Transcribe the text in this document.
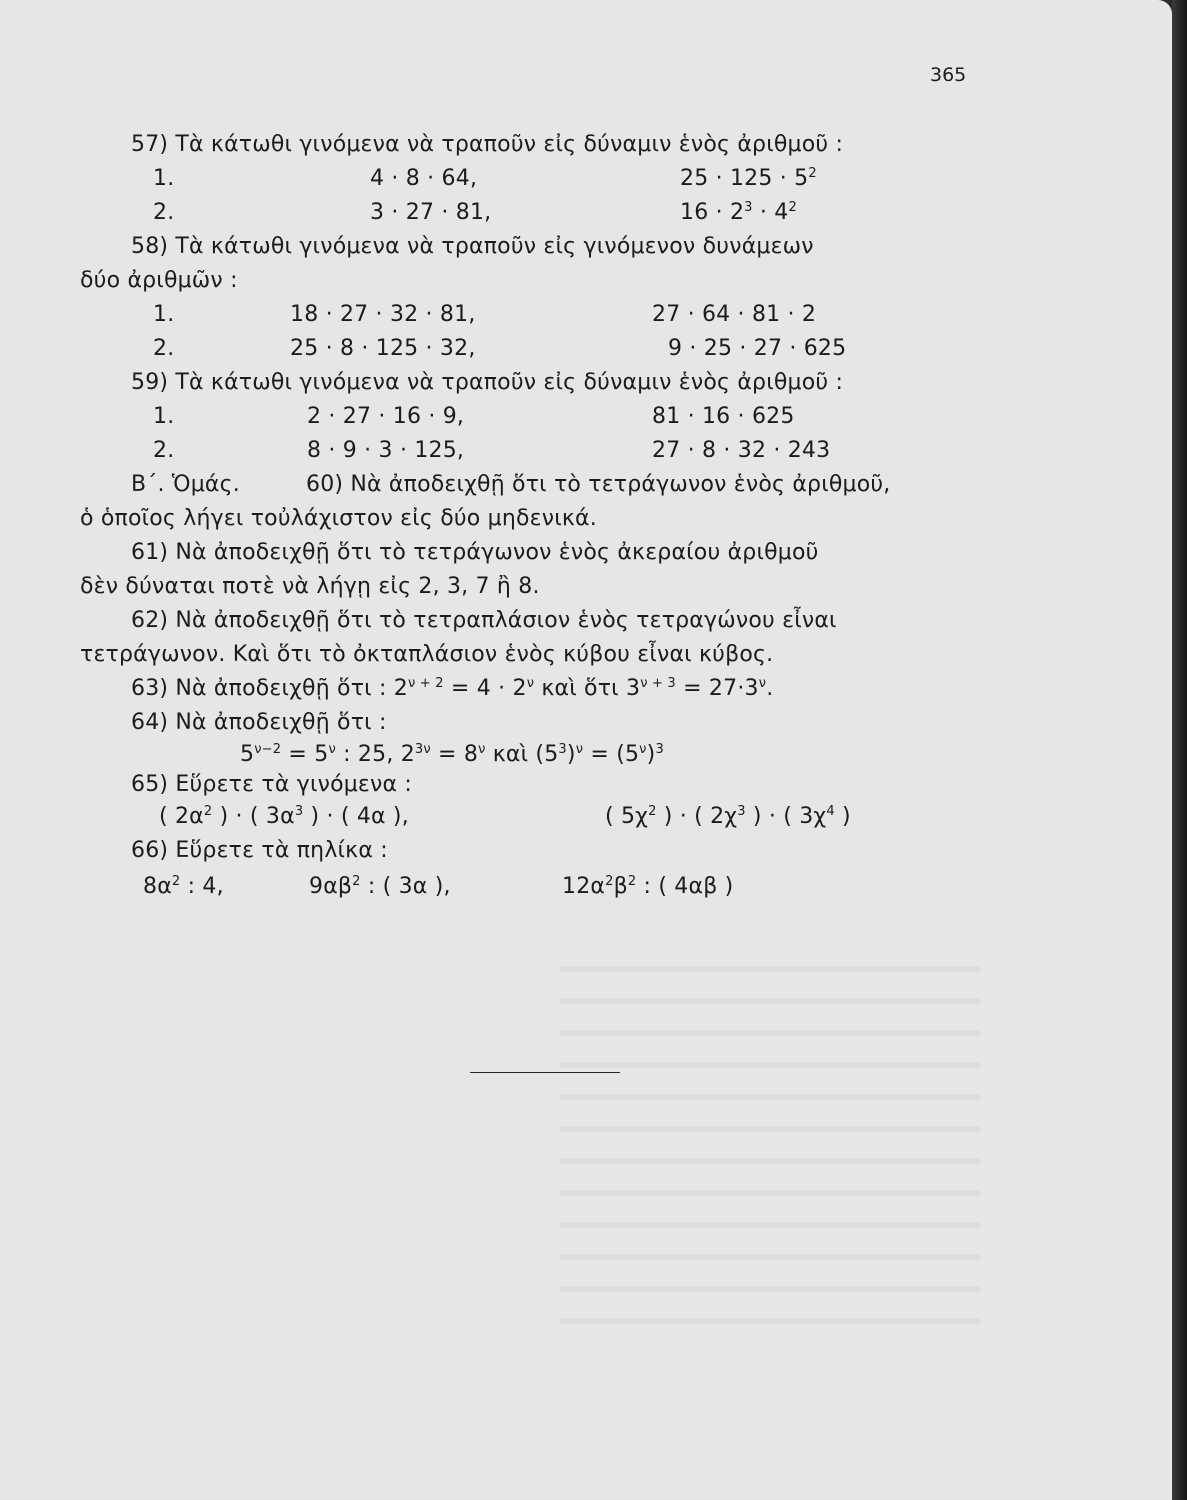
365
57) Τὰ κάτωθι γινόμενα νὰ τραποῦν εἰς δύναμιν ἑνὸς ἀριθμοῦ :
1.	4 · 8 · 64,	$25 \cdot 125 \cdot 5^2$
2.	3 · 27 · 81,	$16 \cdot 2^3 \cdot 4^2$
58) Τὰ κάτωθι γινόμενα νὰ τραποῦν εἰς γινόμενον δυνάμεων
δύο ἀριθμῶν :
1.	18 · 27 · 32 · 81,	27 · 64 · 81 · 2
2.	25 · 8 · 125 · 32,	9 · 25 · 27 · 625
59) Τὰ κάτωθι γινόμενα νὰ τραποῦν εἰς δύναμιν ἑνὸς ἀριθμοῦ :
1.	2 · 27 · 16 · 9,	81 · 16 · 625
2.	8 · 9 · 3 · 125,	27 · 8 · 32 · 243
Β΄. Ὁμάς.	60) Νὰ ἀποδειχθῇ ὅτι τὸ τετράγωνον ἑνὸς ἀριθμοῦ,
ὁ ὁποῖος λήγει τοὐλάχιστον εἰς δύο μηδενικά.
61) Νὰ ἀποδειχθῇ ὅτι τὸ τετράγωνον ἑνὸς ἀκεραίου ἀριθμοῦ
δὲν δύναται ποτὲ νὰ λήγῃ εἰς 2, 3, 7 ἢ 8.
62) Νὰ ἀποδειχθῇ ὅτι τὸ τετραπλάσιον ἑνὸς τετραγώνου εἶναι
τετράγωνον. Καὶ ὅτι τὸ ὀκταπλάσιον ἑνὸς κύβου εἶναι κύβος.
63) Νὰ ἀποδειχθῇ ὅτι : $2^{\nu + 2} = 4 \cdot 2^\nu$ καὶ ὅτι $3^{\nu + 3} = 27\cdot 3^\nu$.
64) Νὰ ἀποδειχθῇ ὅτι :
$5^{\nu-2} = 5^\nu$ : 25, $2^{3\nu} = 8^\nu$ καὶ $(5^3)^\nu = (5^\nu)^3$
65) Εὕρετε τὰ γινόμενα :
( $2\alpha^2$ ) · ( $3\alpha^3$ ) · ( 4α ),	( $5\chi^2$ ) · ( $2\chi^3$ ) · ( $3\chi^4$ )
66) Εὕρετε τὰ πηλίκα :
$8\alpha^2$ : 4,	$9\alpha\beta^2$ : ( 3α ),	$12\alpha^2\beta^2$ : ( 4αβ )
